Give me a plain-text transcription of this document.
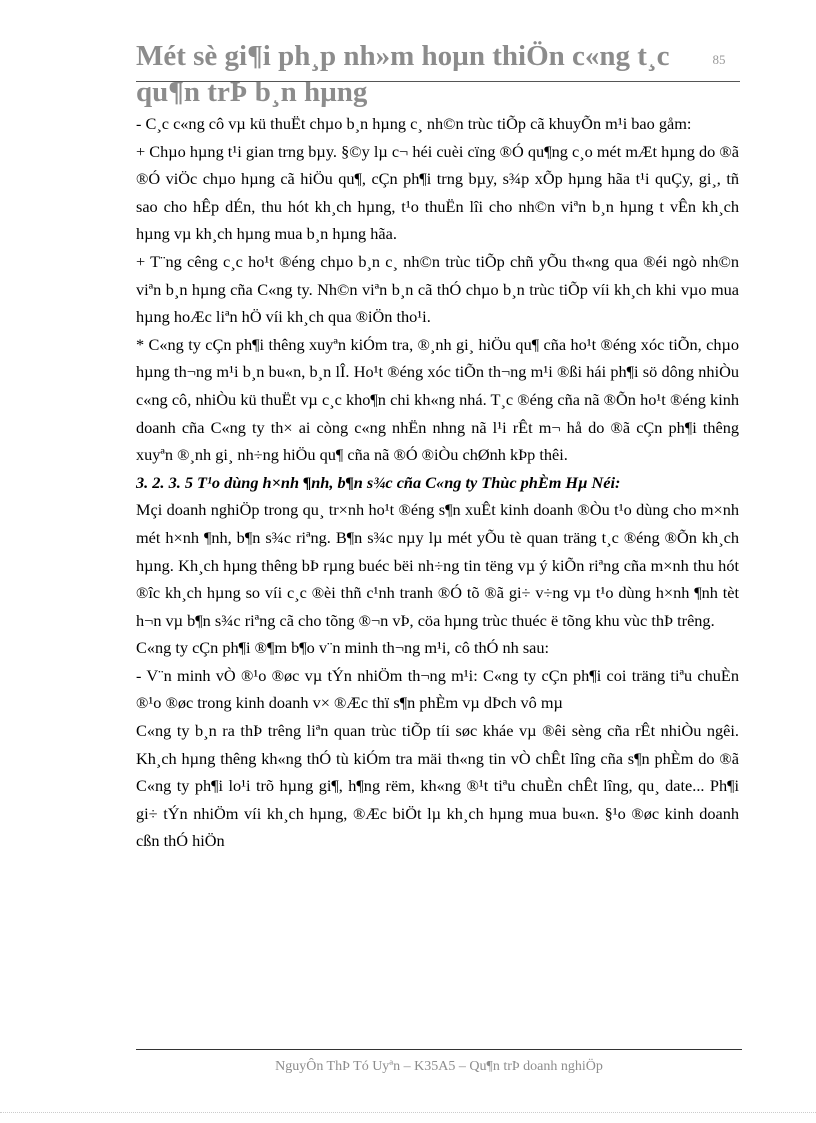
Mét sè gi¶i ph¸p nh»m hoµn thiÖn c«ng t¸c qu¶n trÞ b¸n hµng
85

- C¸c c«ng cô vµ kü thuËt chµo b¸n hµng c¸ nh©n trùc tiÕp cã khuyÕn m¹i bao gåm:

+ Chµo hµng t¹i gian trng bµy. §©y lµ c¬ héi cuèi cïng ®Ó qu¶ng c¸o mét mÆt hµng do ®ã ®Ó viÖc chµo hµng cã hiÖu qu¶, cÇn ph¶i trng bµy, s¾p xÕp hµng hãa t¹i quÇy, gi¸, tñ sao cho hÊp dÉn, thu hót kh¸ch hµng, t¹o thuËn lîi cho nh©n viªn b¸n hµng t vÊn kh¸ch hµng vµ kh¸ch hµng mua b¸n hµng hãa.

+ T¨ng cêng c¸c ho¹t ®éng chµo b¸n c¸ nh©n trùc tiÕp chñ yÕu th«ng qua ®éi ngò nh©n viªn b¸n hµng cña C«ng ty. Nh©n viªn b¸n cã thÓ chµo b¸n trùc tiÕp víi kh¸ch khi vµo mua hµng hoÆc liªn hÖ víi kh¸ch qua ®iÖn tho¹i.

* C«ng ty cÇn ph¶i thêng xuyªn kiÓm tra, ®¸nh gi¸ hiÖu qu¶ cña ho¹t ®éng xóc tiÕn, chµo hµng th¬ng m¹i b¸n bu«n, b¸n lÎ. Ho¹t ®éng xóc tiÕn th¬ng m¹i ®ßi hái ph¶i sö dông nhiÒu c«ng cô, nhiÒu kü thuËt vµ c¸c kho¶n chi kh«ng nhá. T¸c ®éng cña nã ®Õn ho¹t ®éng kinh doanh cña C«ng ty th× ai còng c«ng nhËn nhng nã l¹i rÊt m¬ hå do ®ã cÇn ph¶i thêng xuyªn ®¸nh gi¸ nh÷ng hiÖu qu¶ cña nã ®Ó ®iÒu chØnh kÞp thêi.

3. 2. 3. 5 T¹o dùng h×nh ¶nh, b¶n s¾c cña C«ng ty Thùc phÈm Hµ Néi:

Mçi doanh nghiÖp trong qu¸ tr×nh ho¹t ®éng s¶n xuÊt kinh doanh ®Òu t¹o dùng cho m×nh mét h×nh ¶nh, b¶n s¾c riªng. B¶n s¾c nµy lµ mét yÕu tè quan träng t¸c ®éng ®Õn kh¸ch hµng. Kh¸ch hµng thêng bÞ rµng buéc bëi nh÷ng tin tëng vµ ý kiÕn riªng cña m×nh thu hót ®îc kh¸ch hµng so víi c¸c ®èi thñ c¹nh tranh ®Ó tõ ®ã gi÷ v÷ng vµ t¹o dùng h×nh ¶nh tèt h¬n vµ b¶n s¾c riªng cã cho tõng ®¬n vÞ, cöa hµng trùc thuéc ë tõng khu vùc thÞ trêng.

C«ng ty cÇn ph¶i ®¶m b¶o v¨n minh th¬ng m¹i, cô thÓ nh sau:

- V¨n minh vÒ ®¹o ®øc vµ tÝn nhiÖm th¬ng m¹i: C«ng ty cÇn ph¶i coi träng tiªu chuÈn ®¹o ®øc trong kinh doanh v× ®Æc thï s¶n phÈm vµ dÞch vô mµ

C«ng ty b¸n ra thÞ trêng liªn quan trùc tiÕp tíi søc kháe vµ ®êi sèng cña rÊt nhiÒu ngêi. Kh¸ch hµng thêng kh«ng thÓ tù kiÓm tra mäi th«ng tin vÒ chÊt lîng cña s¶n phÈm do ®ã C«ng ty ph¶i lo¹i trõ hµng gi¶, h¶ng rëm, kh«ng ®¹t tiªu chuÈn chÊt lîng, qu¸ date... Ph¶i gi÷ tÝn nhiÖm víi kh¸ch hµng, ®Æc biÖt lµ kh¸ch hµng mua bu«n. §¹o ®øc kinh doanh cßn thÓ hiÖn

NguyÔn ThÞ Tó Uyªn – K35A5 – Qu¶n trÞ doanh nghiÖp
